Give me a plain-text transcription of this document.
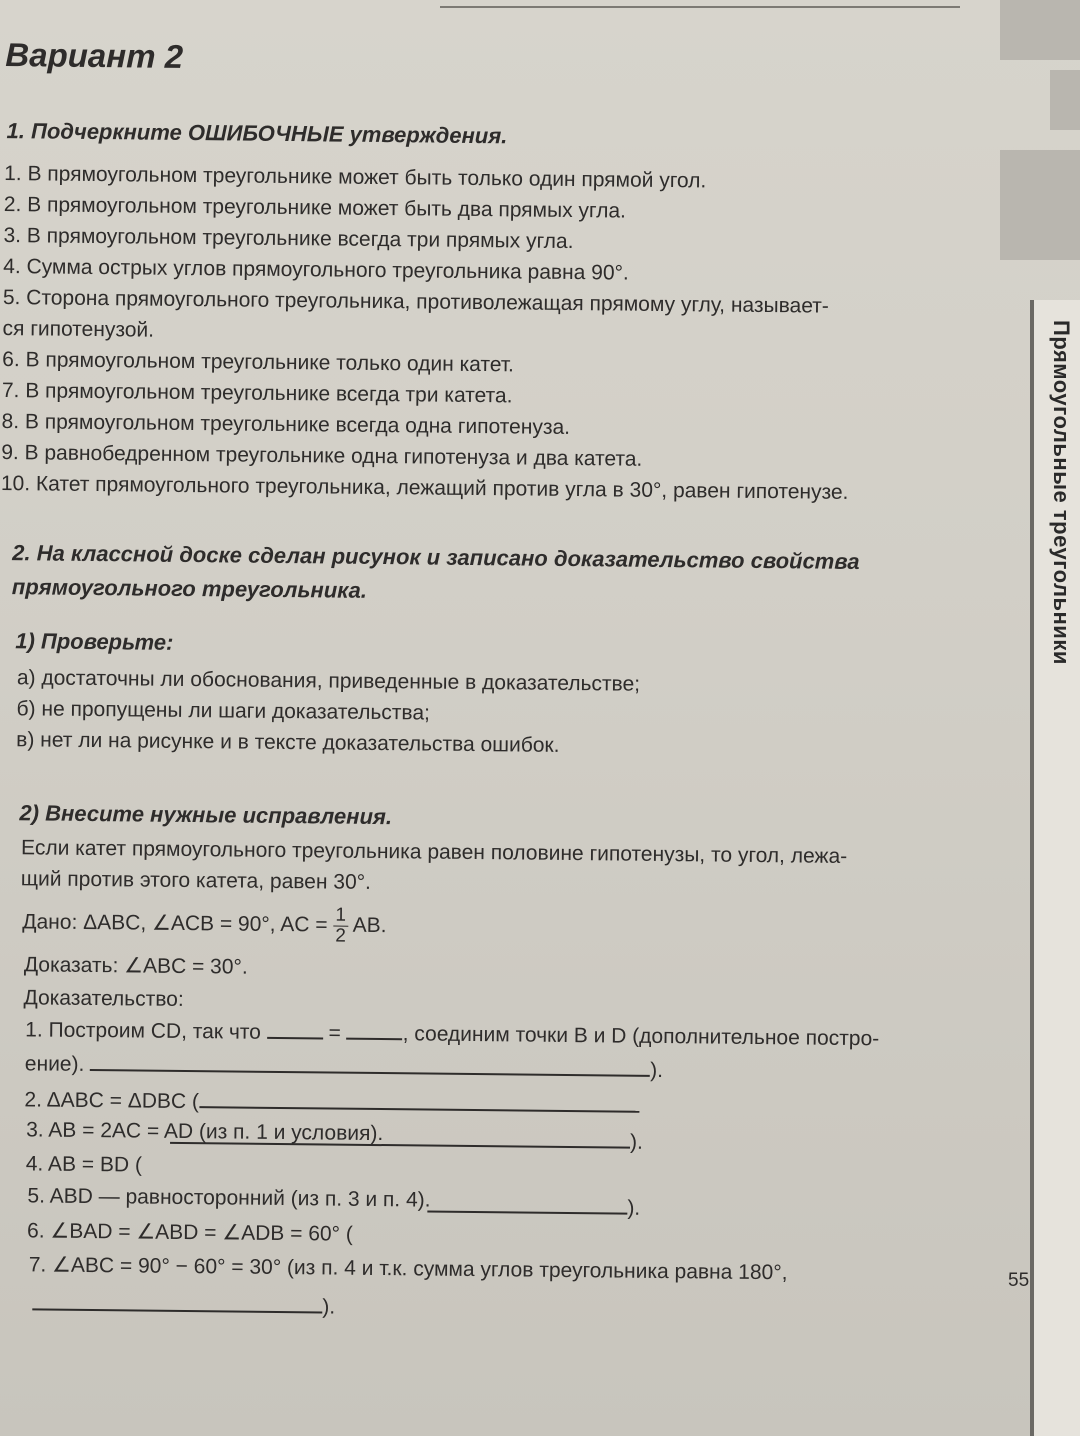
Прямоугольные треугольники
Вариант 2
1. Подчеркните ОШИБОЧНЫЕ утверждения.
1. В прямоугольном треугольнике может быть только один прямой угол.
2. В прямоугольном треугольнике может быть два прямых угла.
3. В прямоугольном треугольнике всегда три прямых угла.
4. Сумма острых углов прямоугольного треугольника равна 90°.
5. Сторона прямоугольного треугольника, противолежащая прямому углу, называет-
ся гипотенузой.
6. В прямоугольном треугольнике только один катет.
7. В прямоугольном треугольнике всегда три катета.
8. В прямоугольном треугольнике всегда одна гипотенуза.
9. В равнобедренном треугольнике одна гипотенуза и два катета.
10. Катет прямоугольного треугольника, лежащий против угла в 30°, равен гипотенузе.
2. На классной доске сделан рисунок и записано доказательство свойства
прямоугольного треугольника.
1) Проверьте:
а) достаточны ли обоснования, приведенные в доказательстве;
б) не пропущены ли шаги доказательства;
в) нет ли на рисунке и в тексте доказательства ошибок.
2) Внесите нужные исправления.
Если катет прямоугольного треугольника равен половине гипотенузы, то угол, лежа-
щий против этого катета, равен 30°.
Дано: ΔABC, ∠ACB = 90°, AC = $\frac{1}{2}$ AB.
Доказать: ∠ABC = 30°.
Доказательство:
1. Построим CD, так что	=	, соединим точки B и D (дополнительное постро-
ение).	).
2. ΔABC = ΔDBC (
3. AB = 2AC = AD (из п. 1 и условия).	).
4. AB = BD (
5. ABD — равносторонний (из п. 3 и п. 4).	).
6. ∠BAD = ∠ABD = ∠ADB = 60° (
7. ∠ABC = 90° − 60° = 30° (из п. 4 и т.к. сумма углов треугольника равна 180°,
).
55
